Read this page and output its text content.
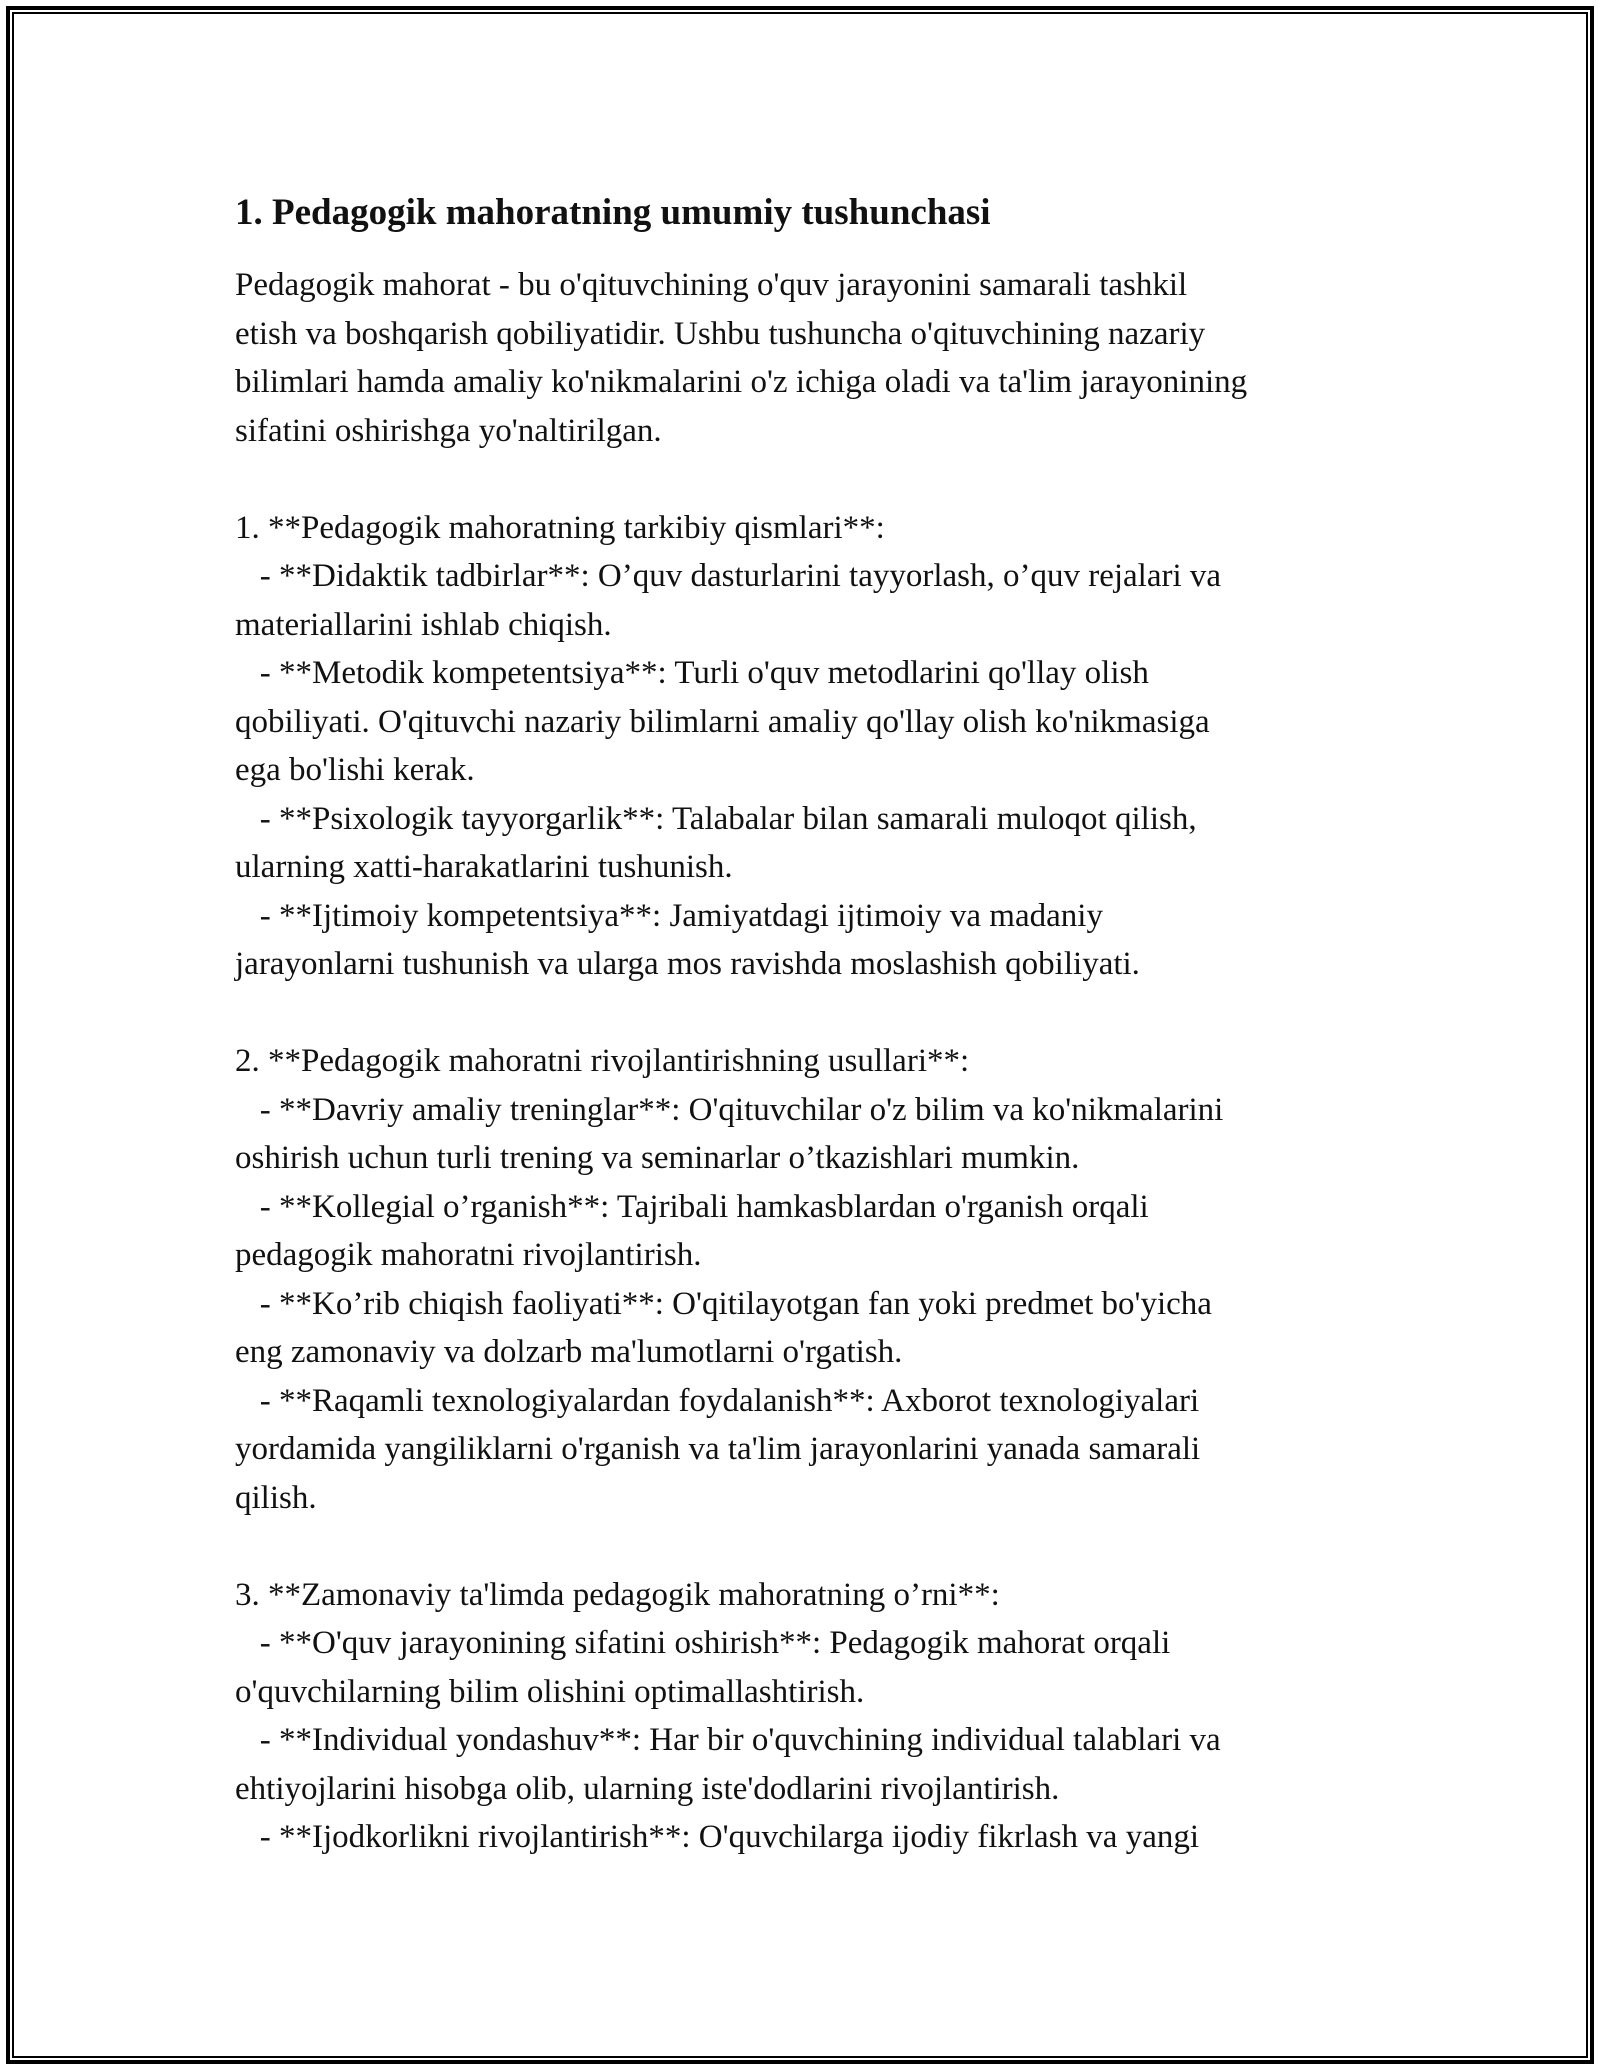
1. Pedagogik mahoratning umumiy tushunchasi
Pedagogik mahorat - bu o'qituvchining o'quv jarayonini samarali tashkil
etish va boshqarish qobiliyatidir. Ushbu tushuncha o'qituvchining nazariy
bilimlari hamda amaliy ko'nikmalarini o'z ichiga oladi va ta'lim jarayonining
sifatini oshirishga yo'naltirilgan.
1. **Pedagogik mahoratning tarkibiy qismlari**:
- **Didaktik tadbirlar**: O’quv dasturlarini tayyorlash, o’quv rejalari va
materiallarini ishlab chiqish.
- **Metodik kompetentsiya**: Turli o'quv metodlarini qo'llay olish
qobiliyati. O'qituvchi nazariy bilimlarni amaliy qo'llay olish ko'nikmasiga
ega bo'lishi kerak.
- **Psixologik tayyorgarlik**: Talabalar bilan samarali muloqot qilish,
ularning xatti-harakatlarini tushunish.
- **Ijtimoiy kompetentsiya**: Jamiyatdagi ijtimoiy va madaniy
jarayonlarni tushunish va ularga mos ravishda moslashish qobiliyati.
2. **Pedagogik mahoratni rivojlantirishning usullari**:
- **Davriy amaliy treninglar**: O'qituvchilar o'z bilim va ko'nikmalarini
oshirish uchun turli trening va seminarlar o’tkazishlari mumkin.
- **Kollegial o’rganish**: Tajribali hamkasblardan o'rganish orqali
pedagogik mahoratni rivojlantirish.
- **Ko’rib chiqish faoliyati**: O'qitilayotgan fan yoki predmet bo'yicha
eng zamonaviy va dolzarb ma'lumotlarni o'rgatish.
- **Raqamli texnologiyalardan foydalanish**: Axborot texnologiyalari
yordamida yangiliklarni o'rganish va ta'lim jarayonlarini yanada samarali
qilish.
3. **Zamonaviy ta'limda pedagogik mahoratning o’rni**:
- **O'quv jarayonining sifatini oshirish**: Pedagogik mahorat orqali
o'quvchilarning bilim olishini optimallashtirish.
- **Individual yondashuv**: Har bir o'quvchining individual talablari va
ehtiyojlarini hisobga olib, ularning iste'dodlarini rivojlantirish.
- **Ijodkorlikni rivojlantirish**: O'quvchilarga ijodiy fikrlash va yangi
